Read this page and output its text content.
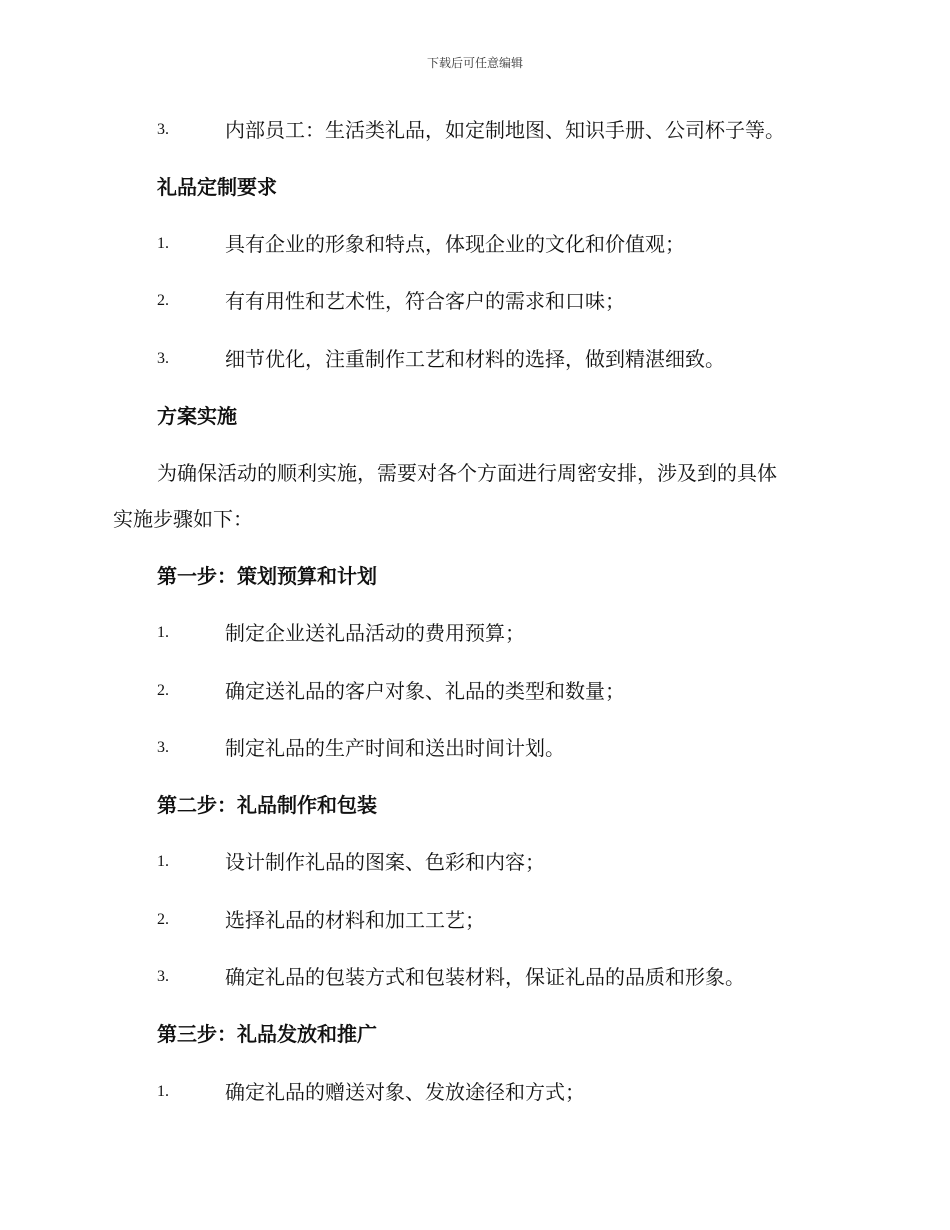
下载后可任意编辑
3.	内部员工：生活类礼品，如定制地图、知识手册、公司杯子等。
礼品定制要求
1.	具有企业的形象和特点，体现企业的文化和价值观；
2.	有有用性和艺术性，符合客户的需求和口味；
3.	细节优化，注重制作工艺和材料的选择，做到精湛细致。
方案实施
为确保活动的顺利实施，需要对各个方面进行周密安排，涉及到的具体
实施步骤如下：
第一步：策划预算和计划
1.	制定企业送礼品活动的费用预算；
2.	确定送礼品的客户对象、礼品的类型和数量；
3.	制定礼品的生产时间和送出时间计划。
第二步：礼品制作和包装
1.	设计制作礼品的图案、色彩和内容；
2.	选择礼品的材料和加工工艺；
3.	确定礼品的包装方式和包装材料，保证礼品的品质和形象。
第三步：礼品发放和推广
1.	确定礼品的赠送对象、发放途径和方式；
